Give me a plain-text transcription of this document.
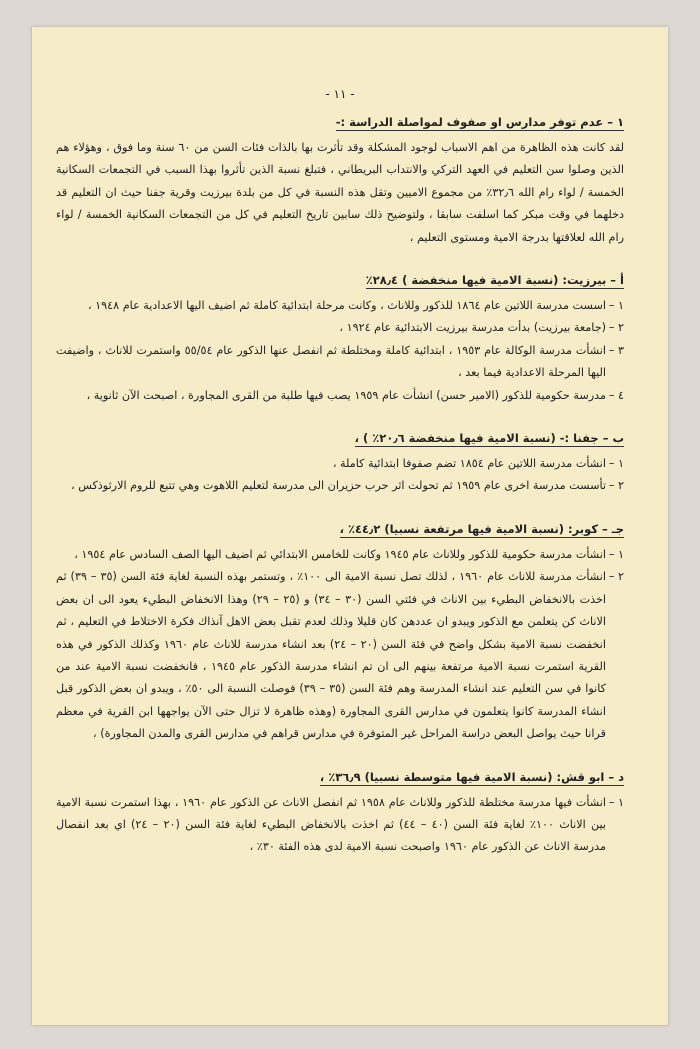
- ١١ -
١ – عدم توفر مدارس او صفوف لمواصلة الدراسة :-

لقد كانت هذه الظاهرة من اهم الاسباب لوجود المشكلة وقد تأثرت بها بالذات فئات السن من ٦٠ سنة وما فوق ، وهؤلاء هم الذين وصلوا سن التعليم في العهد التركي والانتداب البريطاني ، فتبلغ نسبة الذين تأثروا بهذا السبب في التجمعات السكانية الخمسة / لواء رام الله ٣٢٫٦٪ من مجموع الاميين وتقل هذه النسبة في كل من بلدة بيرزيت وقرية جفنا حيث ان التعليم قد دخلهما في وقت مبكر كما اسلفت سابقا ، ولتوضيح ذلك سابين تاريخ التعليم في كل من التجمعات السكانية الخمسة / لواء رام الله لعلاقتها بدرجة الامية ومستوى التعليم ،

أ – بيرزيت: (نسبة الامية فيها منخفضة ) ٢٨٫٤٪
١ –
اسست مدرسة اللاتين عام ١٨٦٤ للذكور وللاناث ، وكانت مرحلة ابتدائية كاملة ثم اضيف اليها الاعدادية عام ١٩٤٨ ،
٢ –
(جامعة بيرزيت) بدأت مدرسة بيرزيت الابتدائية عام ١٩٢٤ ،
٣ –
انشأت مدرسة الوكالة عام ١٩٥٣ ، ابتدائية كاملة ومختلطة ثم انفصل عنها الذكور عام ٥٥/٥٤ واستمرت للاناث ، واضيفت اليها المرحلة الاعدادية فيما بعد ،
٤ –
مدرسة حكومية للذكور (الامير حسن) انشأت عام ١٩٥٩ يصب فيها طلبة من القرى المجاورة ، اصبحت الآن ثانوية ،
ب – جفنا :- (نسبة الامية فيها منخفضة ٢٠٫٦٪ ) ،
١ –
انشأت مدرسة اللاتين عام ١٨٥٤ تضم صفوفا ابتدائية كاملة ،
٢ –
تأسست مدرسة اخرى عام ١٩٥٩ ثم تحولت اثر حرب حزيران الى مدرسة لتعليم اللاهوت وهي تتبع للروم الارثوذكس ،
جـ – كوبر: (نسبة الامية فيها مرتفعة نسبيا) ٤٤٫٢٪ ،
١ –
انشأت مدرسة حكومية للذكور وللاناث عام ١٩٤٥ وكانت للخامس الابتدائي ثم اضيف اليها الصف السادس عام ١٩٥٤ ،
٢ –
انشأت مدرسة للاناث عام ١٩٦٠ ، لذلك تصل نسبة الامية الى ١٠٠٪ ، وتستمر بهذه النسبة لغاية فئة السن (٣٥ – ٣٩) ثم اخذت بالانخفاض البطيء بين الاناث في فئتي السن (٣٠ – ٣٤) و (٢٥ – ٢٩) وهذا الانخفاض البطيء يعود الى ان بعض الاناث كن يتعلمن مع الذكور ويبدو ان عددهن كان قليلا وذلك لعدم تقبل بعض الاهل آنذاك فكرة الاختلاط في التعليم ، ثم انخفضت نسبة الامية بشكل واضح في فئة السن (٢٠ – ٢٤) بعد انشاء مدرسة للاناث عام ١٩٦٠ وكذلك الذكور في هذه القرية استمرت نسبة الامية مرتفعة بينهم الى ان تم انشاء مدرسة الذكور عام ١٩٤٥ ، فانخفضت نسبة الامية عند من كانوا في سن التعليم عند انشاء المدرسة وهم فئة السن (٣٥ – ٣٩) فوصلت النسبة الى ٥٠٪ ، ويبدو ان بعض الذكور قبل انشاء المدرسة كانوا يتعلمون في مدارس القرى المجاورة (وهذه ظاهرة لا تزال حتى الآن يواجهها ابن القرية في معظم قرانا حيث يواصل البعض دراسة المراحل غير المتوفرة في مدارس قراهم في مدارس القرى والمدن المجاورة) ،
د – ابو قش: (نسبة الامية فيها متوسطة نسبيا) ٣٦٫٩٪ ،
١ –
انشأت فيها مدرسة مختلطة للذكور وللاناث عام ١٩٥٨ ثم انفصل الاناث عن الذكور عام ١٩٦٠ ، بهذا استمرت نسبة الامية بين الاناث ١٠٠٪ لغاية فئة السن (٤٠ – ٤٤) ثم اخذت بالانخفاض البطيء لغاية فئة السن (٢٠ – ٢٤) اي بعد انفصال مدرسة الاناث عن الذكور عام ١٩٦٠ واصبحت نسبة الامية لدى هذه الفئة ٣٠٪ ،
